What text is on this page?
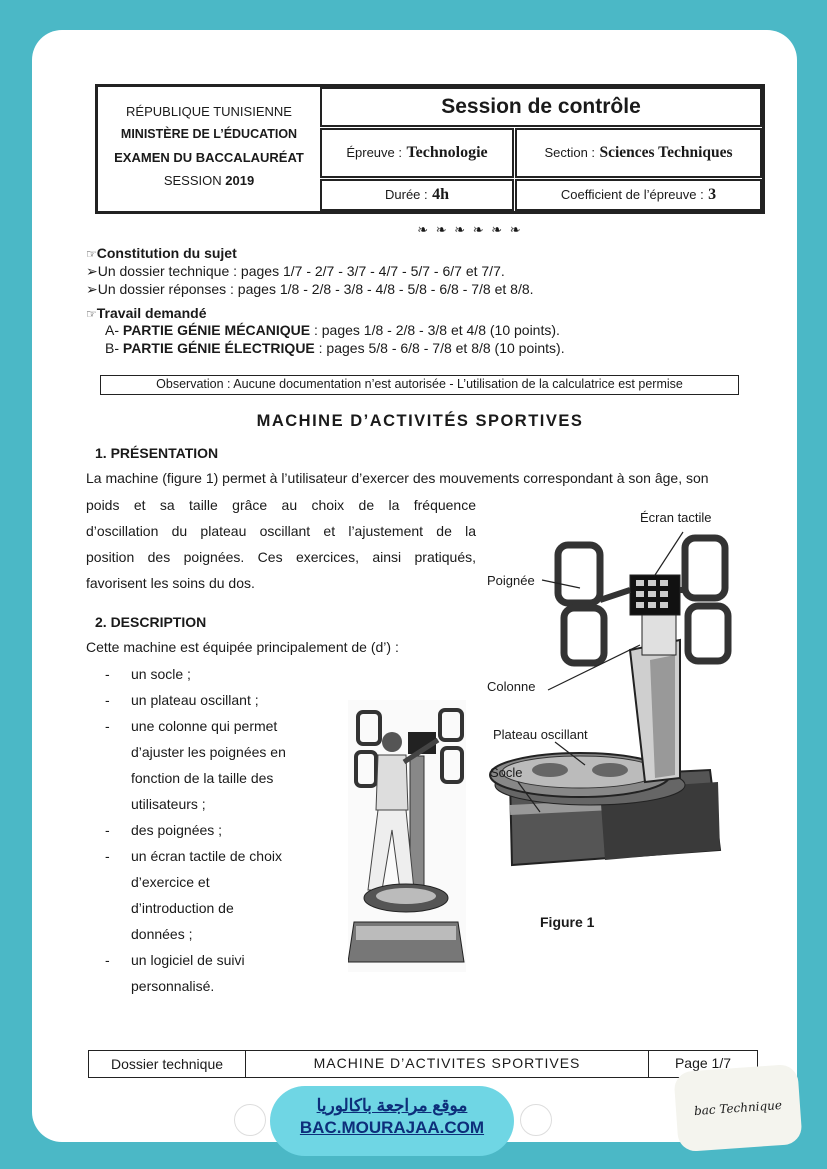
RÉPUBLIQUE TUNISIENNE
MINISTÈRE DE L’ÉDUCATION
EXAMEN DU BACCALAURÉAT
SESSION 2019
Session de contrôle
Épreuve : Technologie	Section : Sciences Techniques
Durée : 4h	Coefficient de l’épreuve : 3
❧ ❧ ❧ ❧ ❧ ❧
☞Constitution du sujet
➢Un dossier technique : pages 1/7 - 2/7 - 3/7 - 4/7 - 5/7 - 6/7 et 7/7.
➢Un dossier réponses : pages 1/8 - 2/8 - 3/8 - 4/8 - 5/8 - 6/8 - 7/8 et 8/8.
☞Travail demandé
A- PARTIE GÉNIE MÉCANIQUE : pages 1/8 - 2/8 - 3/8 et 4/8 (10 points).
B- PARTIE GÉNIE ÉLECTRIQUE : pages 5/8 - 6/8 - 7/8 et 8/8 (10 points).
Observation : Aucune documentation n’est autorisée - L’utilisation de la calculatrice est permise
MACHINE D’ACTIVITÉS SPORTIVES
1. PRÉSENTATION
La machine (figure 1) permet à l’utilisateur d’exercer des mouvements correspondant à son âge, son
poids et sa taille grâce au choix de la fréquence
d’oscillation du plateau oscillant et l’ajustement de la
position des poignées. Ces exercices, ainsi pratiqués,
favorisent les soins du dos.
2. DESCRIPTION
Cette machine est équipée principalement de (d’) :
- un socle ;
- un plateau oscillant ;
- une colonne qui permet
d’ajuster les poignées en
fonction de la taille des
utilisateurs ;
- des poignées ;
- un écran tactile de choix
d’exercice et
d’introduction de
données ;
- un logiciel de suivi
personnalisé.
Écran tactile
Poignée
Colonne
Plateau oscillant
Socle
Figure 1
Dossier technique	MACHINE D’ACTIVITES SPORTIVES	Page 1/7
موقع مراجعة باكالوريا
BAC.MOURAJAA.COM
bac Technique
